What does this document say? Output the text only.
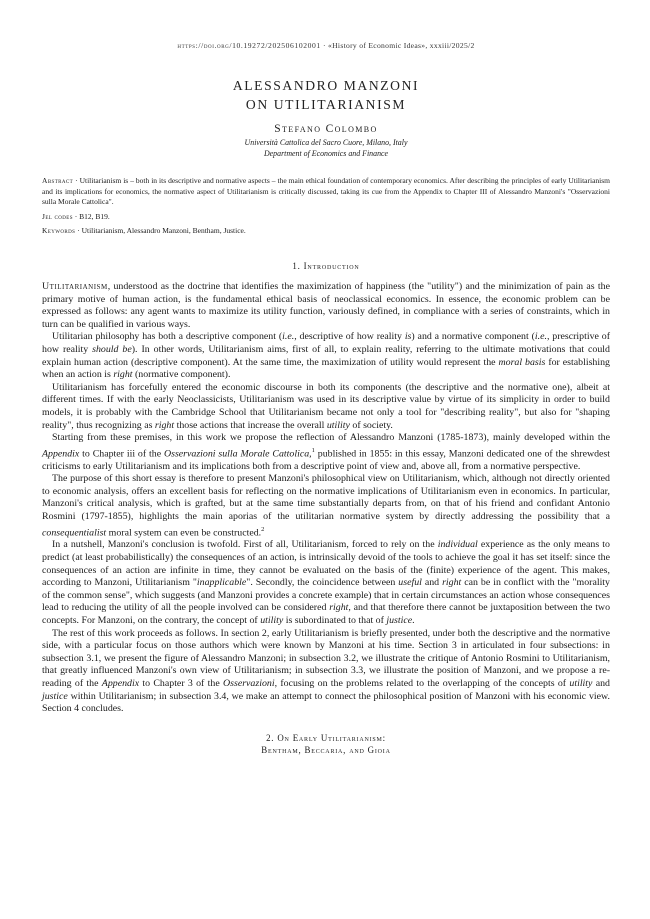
https://doi.org/10.19272/202506102001 · «History of Economic Ideas», xxxiii/2025/2
ALESSANDRO MANZONI
ON UTILITARIANISM
Stefano Colombo
Università Cattolica del Sacro Cuore, Milano, Italy
Department of Economics and Finance

Abstract · Utilitarianism is – both in its descriptive and normative aspects – the main ethical foundation of contemporary economics. After describing the principles of early Utilitarianism and its implications for economics, the normative aspect of Utilitarianism is critically discussed, taking its cue from the Appendix to Chapter III of Alessandro Manzoni's "Osservazioni sulla Morale Cattolica".

Jel codes · B12, B19.

Keywords · Utilitarianism, Alessandro Manzoni, Bentham, Justice.

1. Introduction

Utilitarianism, understood as the doctrine that identifies the maximization of happiness (the "utility") and the minimization of pain as the primary motive of human action, is the fundamental ethical basis of neoclassical economics. In essence, the economic problem can be expressed as follows: any agent wants to maximize its utility function, variously defined, in compliance with a series of constraints, which in turn can be qualified in various ways.

Utilitarian philosophy has both a descriptive component (i.e., descriptive of how reality is) and a normative component (i.e., prescriptive of how reality should be). In other words, Utilitarianism aims, first of all, to explain reality, referring to the ultimate motivations that could explain human action (descriptive component). At the same time, the maximization of utility would represent the moral basis for establishing when an action is right (normative component).

Utilitarianism has forcefully entered the economic discourse in both its components (the descriptive and the normative one), albeit at different times. If with the early Neoclassicists, Utilitarianism was used in its descriptive value by virtue of its simplicity in order to build models, it is probably with the Cambridge School that Utilitarianism became not only a tool for "describing reality", but also for "shaping reality", thus recognizing as right those actions that increase the overall utility of society.

Starting from these premises, in this work we propose the reflection of Alessandro Manzoni (1785-1873), mainly developed within the Appendix to Chapter iii of the Osservazioni sulla Morale Cattolica,$^1$ published in 1855: in this essay, Manzoni dedicated one of the shrewdest criticisms to early Utilitarianism and its implications both from a descriptive point of view and, above all, from a normative perspective.

The purpose of this short essay is therefore to present Manzoni's philosophical view on Utilitarianism, which, although not directly oriented to economic analysis, offers an excellent basis for reflecting on the normative implications of Utilitarianism even in economics. In particular, Manzoni's critical analysis, which is grafted, but at the same time substantially departs from, on that of his friend and confidant Antonio Rosmini (1797-1855), highlights the main aporias of the utilitarian normative system by directly addressing the possibility that a consequentialist moral system can even be constructed.$^2$

In a nutshell, Manzoni's conclusion is twofold. First of all, Utilitarianism, forced to rely on the individual experience as the only means to predict (at least probabilistically) the consequences of an action, is intrinsically devoid of the tools to achieve the goal it has set itself: since the consequences of an action are infinite in time, they cannot be evaluated on the basis of the (finite) experience of the agent. This makes, according to Manzoni, Utilitarianism "inapplicable". Secondly, the coincidence between useful and right can be in conflict with the "morality of the common sense", which suggests (and Manzoni provides a concrete example) that in certain circumstances an action whose consequences lead to reducing the utility of all the people involved can be considered right, and that therefore there cannot be juxtaposition between the two concepts. For Manzoni, on the contrary, the concept of utility is subordinated to that of justice.

The rest of this work proceeds as follows. In section 2, early Utilitarianism is briefly presented, under both the descriptive and the normative side, with a particular focus on those authors which were known by Manzoni at his time. Section 3 in articulated in four subsections: in subsection 3.1, we present the figure of Alessandro Manzoni; in subsection 3.2, we illustrate the critique of Antonio Rosmini to Utilitarianism, that greatly influenced Manzoni's own view of Utilitarianism; in subsection 3.3, we illustrate the position of Manzoni, and we propose a re-reading of the Appendix to Chapter 3 of the Osservazioni, focusing on the problems related to the overlapping of the concepts of utility and justice within Utilitarianism; in subsection 3.4, we make an attempt to connect the philosophical position of Manzoni with his economic view. Section 4 concludes.

2. On Early Utilitarianism:
Bentham, Beccaria, and Gioia
